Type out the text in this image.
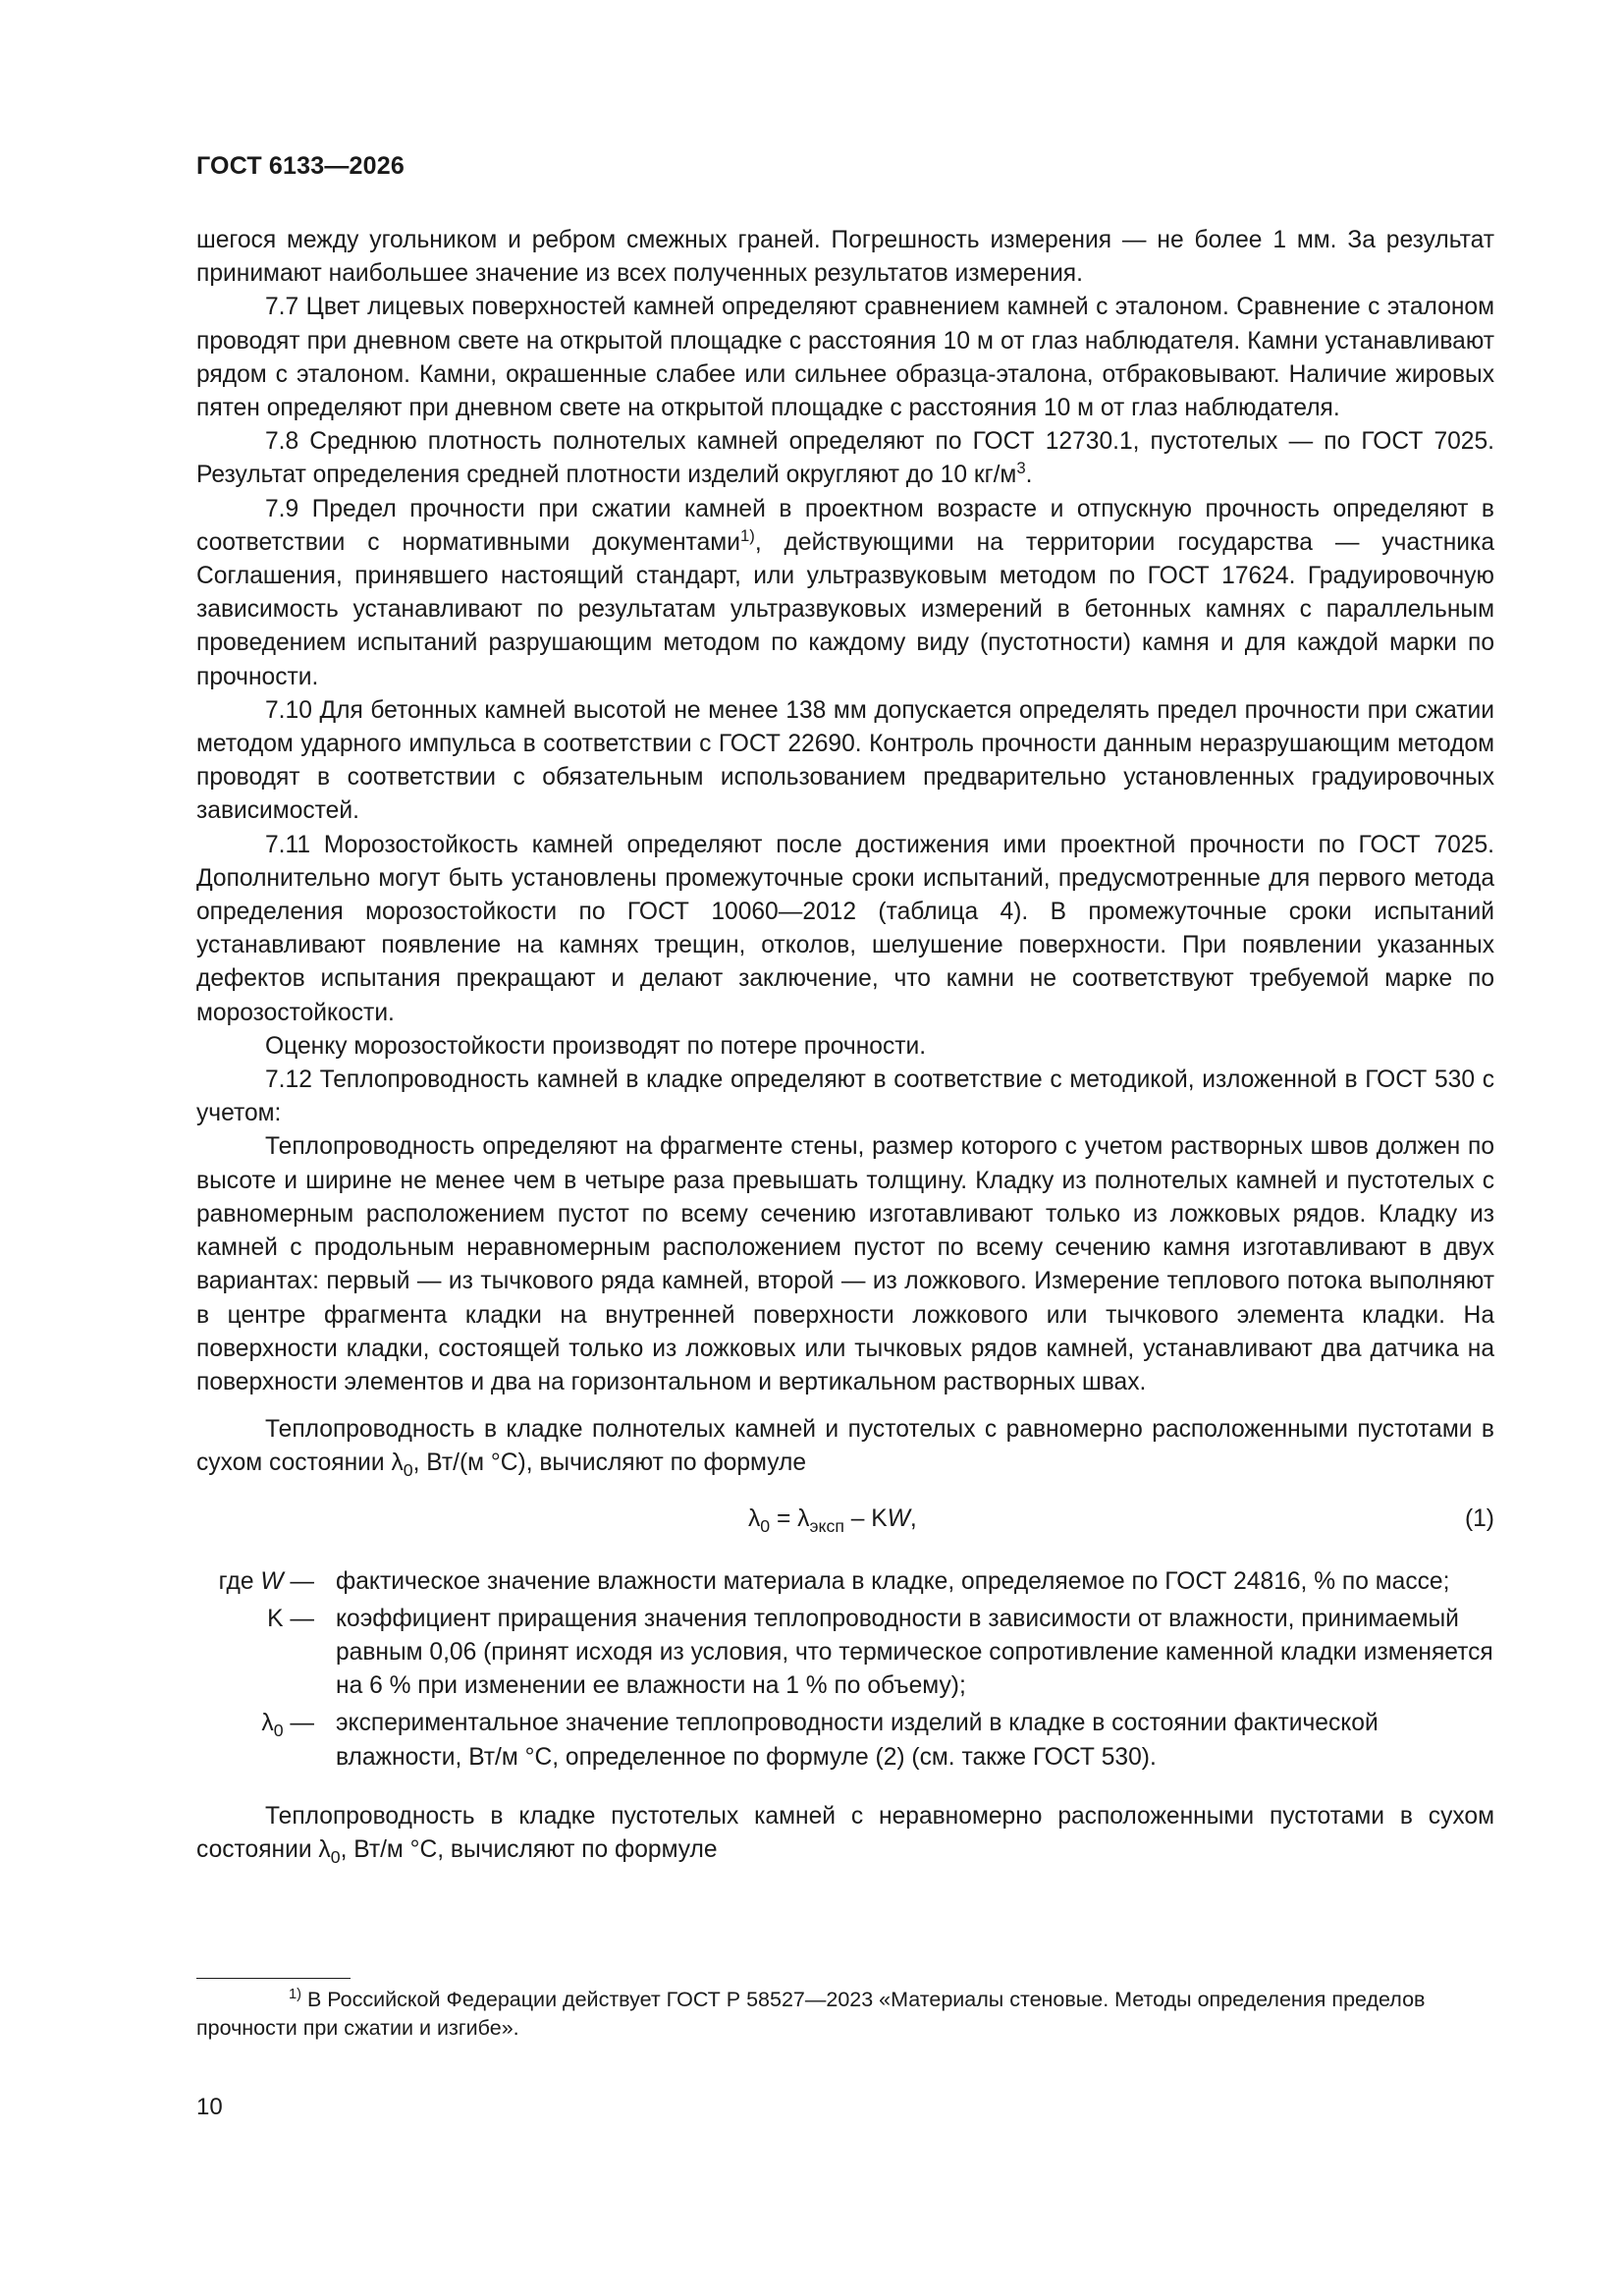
ГОСТ 6133—2026

шегося между угольником и ребром смежных граней. Погрешность измерения — не более 1 мм. За результат принимают наибольшее значение из всех полученных результатов измерения.

7.7 Цвет лицевых поверхностей камней определяют сравнением камней с эталоном. Сравнение с эталоном проводят при дневном свете на открытой площадке с расстояния 10 м от глаз наблюдателя. Камни устанавливают рядом с эталоном. Камни, окрашенные слабее или сильнее образца-эталона, отбраковывают. Наличие жировых пятен определяют при дневном свете на открытой площадке с расстояния 10 м от глаз наблюдателя.

7.8 Среднюю плотность полнотелых камней определяют по ГОСТ 12730.1, пустотелых — по ГОСТ 7025. Результат определения средней плотности изделий округляют до 10 $кг/м^3$.

7.9 Предел прочности при сжатии камней в проектном возрасте и отпускную прочность определяют в соответствии с нормативными документами$^{1)}$, действующими на территории государства — участника Соглашения, принявшего настоящий стандарт, или ультразвуковым методом по ГОСТ 17624. Градуировочную зависимость устанавливают по результатам ультразвуковых измерений в бетонных камнях с параллельным проведением испытаний разрушающим методом по каждому виду (пустотности) камня и для каждой марки по прочности.

7.10 Для бетонных камней высотой не менее 138 мм допускается определять предел прочности при сжатии методом ударного импульса в соответствии с ГОСТ 22690. Контроль прочности данным неразрушающим методом проводят в соответствии с обязательным использованием предварительно установленных градуировочных зависимостей.

7.11 Морозостойкость камней определяют после достижения ими проектной прочности по ГОСТ 7025. Дополнительно могут быть установлены промежуточные сроки испытаний, предусмотренные для первого метода определения морозостойкости по ГОСТ 10060—2012 (таблица 4). В промежуточные сроки испытаний устанавливают появление на камнях трещин, отколов, шелушение поверхности. При появлении указанных дефектов испытания прекращают и делают заключение, что камни не соответствуют требуемой марке по морозостойкости.

Оценку морозостойкости производят по потере прочности.

7.12 Теплопроводность камней в кладке определяют в соответствие с методикой, изложенной в ГОСТ 530 с учетом:

Теплопроводность определяют на фрагменте стены, размер которого с учетом растворных швов должен по высоте и ширине не менее чем в четыре раза превышать толщину. Кладку из полнотелых камней и пустотелых с равномерным расположением пустот по всему сечению изготавливают только из ложковых рядов. Кладку из камней с продольным неравномерным расположением пустот по всему сечению камня изготавливают в двух вариантах: первый — из тычкового ряда камней, второй — из ложкового. Измерение теплового потока выполняют в центре фрагмента кладки на внутренней поверхности ложкового или тычкового элемента кладки. На поверхности кладки, состоящей только из ложковых или тычковых рядов камней, устанавливают два датчика на поверхности элементов и два на горизонтальном и вертикальном растворных швах.

Теплопроводность в кладке полнотелых камней и пустотелых с равномерно расположенными пустотами в сухом состоянии $\lambda_0$, Вт/(м °С), вычисляют по формуле

$\lambda_0 = \lambda_{эксп}$ – KW,	(1)
где W — фактическое значение влажности материала в кладке, определяемое по ГОСТ 24816, % по массе;
K — коэффициент приращения значения теплопроводности в зависимости от влажности, принимаемый равным 0,06 (принят исходя из условия, что термическое сопротивление каменной кладки изменяется на 6 % при изменении ее влажности на 1 % по объему);
$\lambda_0$ — экспериментальное значение теплопроводности изделий в кладке в состоянии фактической влажности, Вт/м °С, определенное по формуле (2) (см. также ГОСТ 530).

Теплопроводность в кладке пустотелых камней с неравномерно расположенными пустотами в сухом состоянии $\lambda_0$, Вт/м °С, вычисляют по формуле

$^{1)}$ В Российской Федерации действует ГОСТ Р 58527—2023 «Материалы стеновые. Методы определения пределов прочности при сжатии и изгибе».
10
